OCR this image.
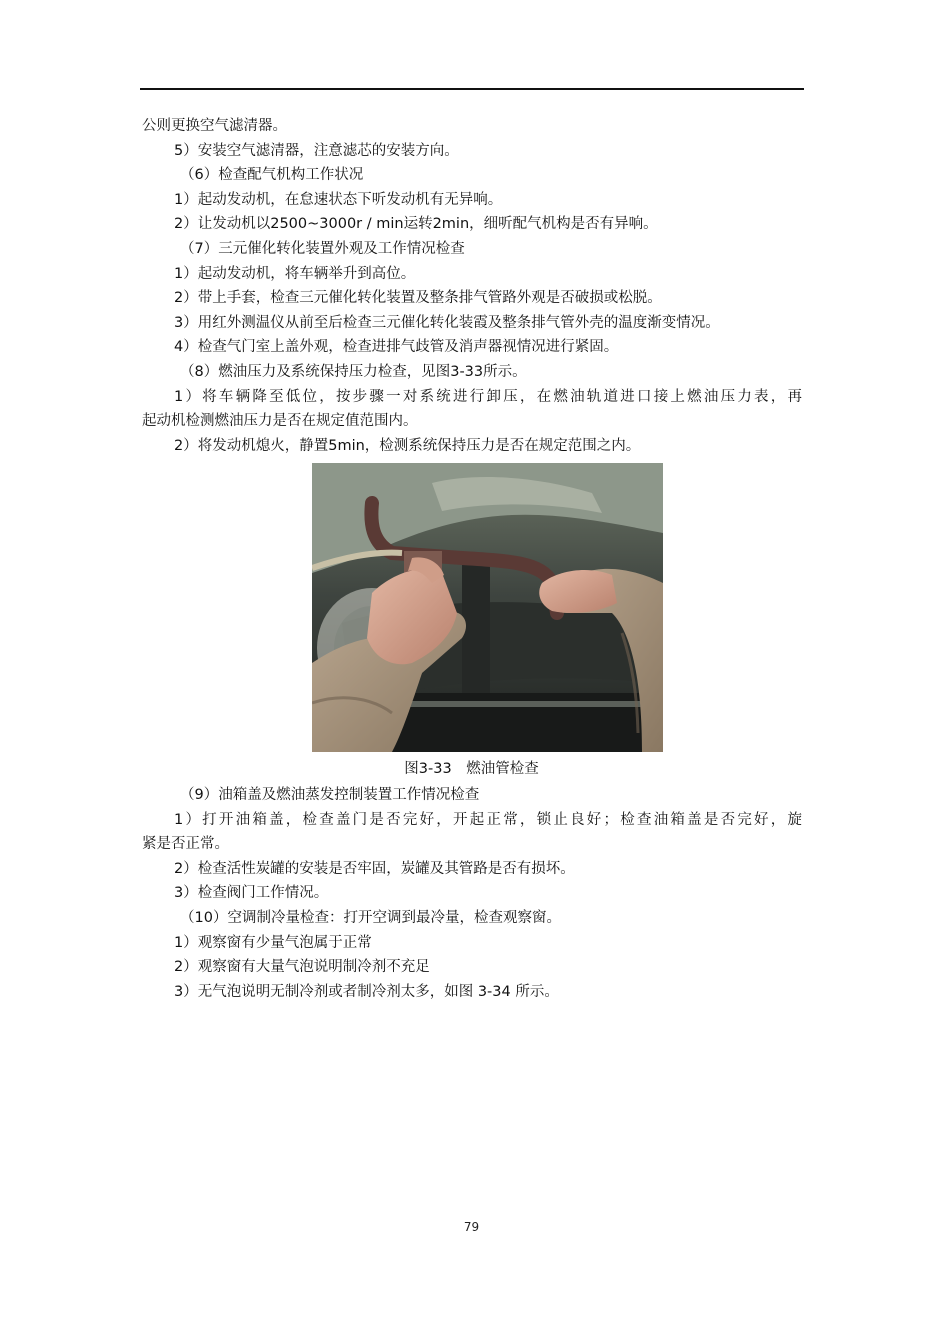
公则更换空气滤清器。
5）安装空气滤清器，注意滤芯的安装方向。
（6）检查配气机构工作状况
1）起动发动机，在怠速状态下听发动机有无异响。
2）让发动机以2500~3000r / min运转2min，细听配气机构是否有异响。
（7）三元催化转化装置外观及工作情况检查
1）起动发动机，将车辆举升到高位。
2）带上手套，检查三元催化转化装置及整条排气管路外观是否破损或松脱。
3）用红外测温仪从前至后检查三元催化转化装霞及整条排气管外壳的温度渐变情况。
4）检查气门室上盖外观，检查进排气歧管及消声器视情况进行紧固。
（8）燃油压力及系统保持压力检查，见图3-33所示。
1）将车辆降至低位，按步骤一对系统进行卸压，在燃油轨道进口接上燃油压力表，再
起动机检测燃油压力是否在规定值范围内。
2）将发动机熄火，静置5min，检测系统保持压力是否在规定范围之内。
图3-33　燃油管检查
（9）油箱盖及燃油蒸发控制装置工作情况检查
1）打开油箱盖，检查盖门是否完好，开起正常，锁止良好；检查油箱盖是否完好，旋
紧是否正常。
2）检查活性炭罐的安装是否牢固，炭罐及其管路是否有损坏。
3）检查阀门工作情况。
（10）空调制冷量检查：打开空调到最冷量，检查观察窗。
1）观察窗有少量气泡属于正常
2）观察窗有大量气泡说明制冷剂不充足
3）无气泡说明无制冷剂或者制冷剂太多，如图 3-34 所示。
79
